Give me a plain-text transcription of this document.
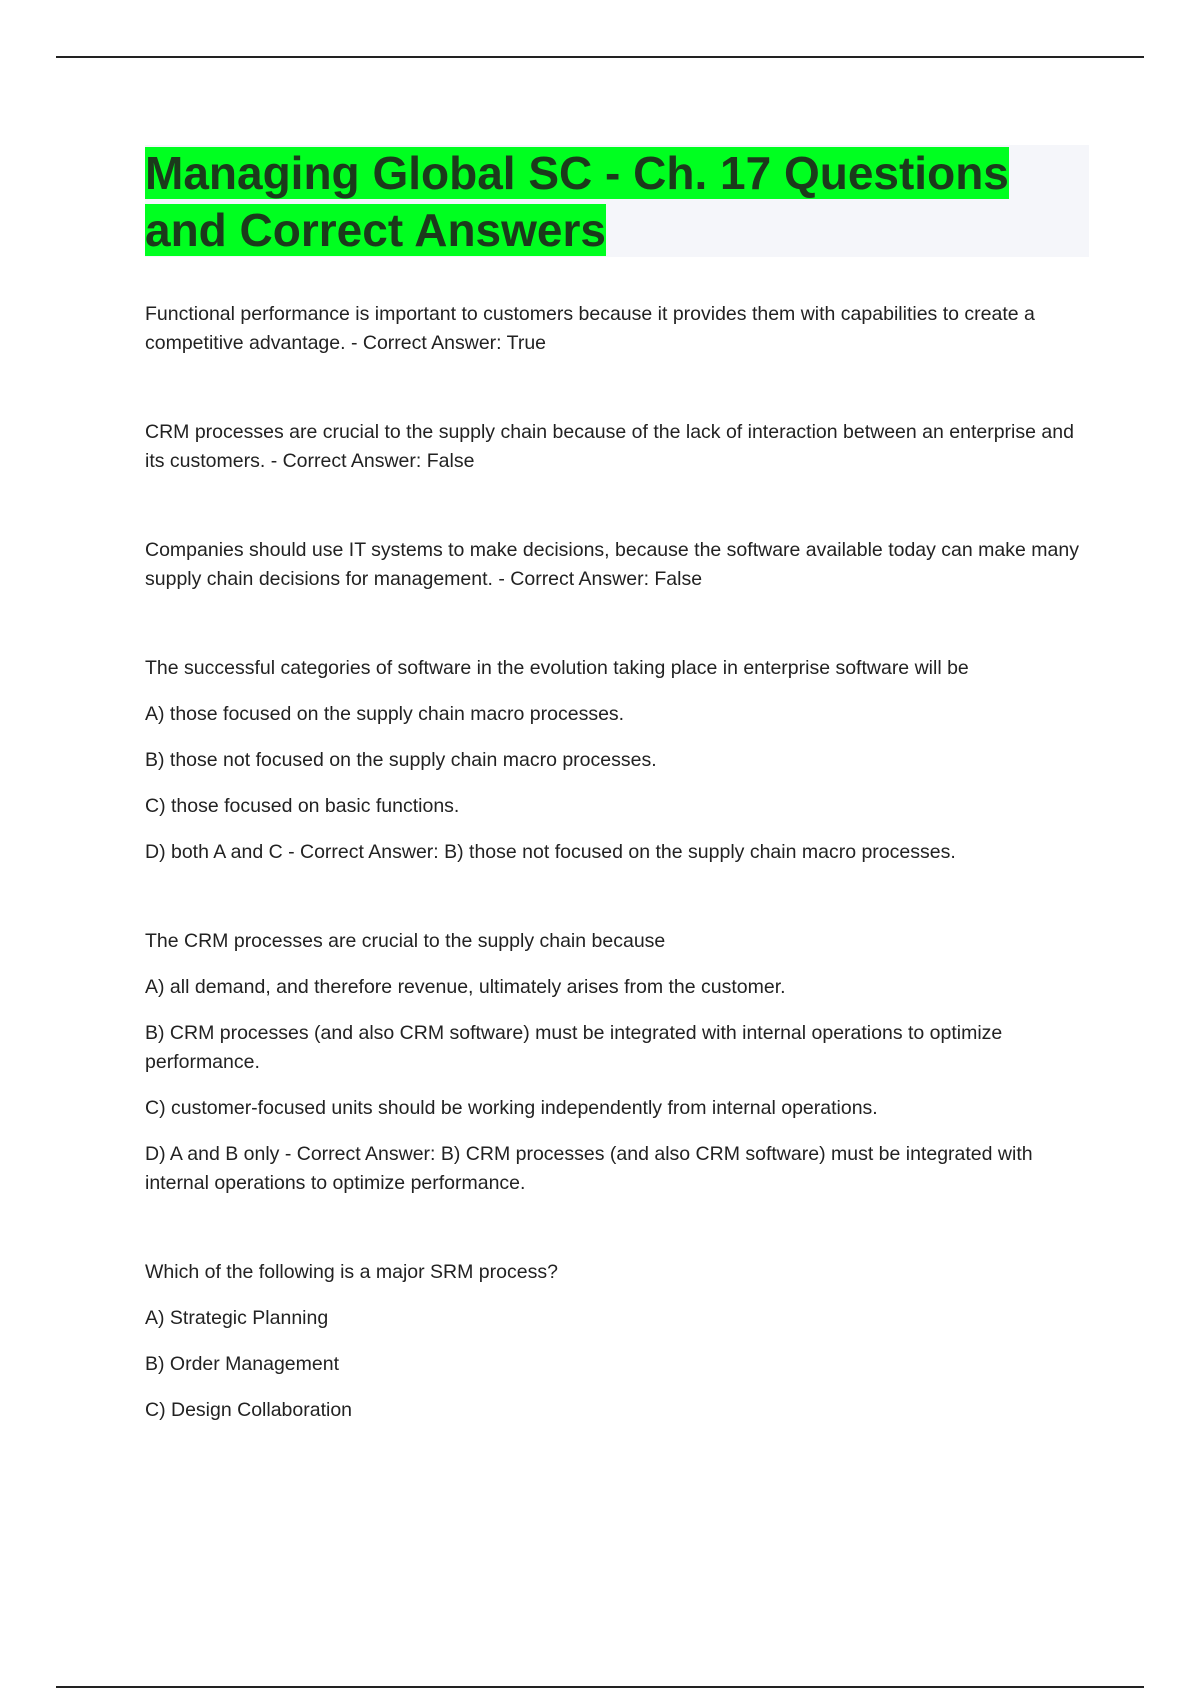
Managing Global SC - Ch. 17 Questions and Correct Answers

Functional performance is important to customers because it provides them with capabilities to create a competitive advantage. - Correct Answer: True

CRM processes are crucial to the supply chain because of the lack of interaction between an enterprise and its customers. - Correct Answer: False

Companies should use IT systems to make decisions, because the software available today can make many supply chain decisions for management. - Correct Answer: False

The successful categories of software in the evolution taking place in enterprise software will be

A) those focused on the supply chain macro processes.

B) those not focused on the supply chain macro processes.

C) those focused on basic functions.

D) both A and C - Correct Answer: B) those not focused on the supply chain macro processes.

The CRM processes are crucial to the supply chain because

A) all demand, and therefore revenue, ultimately arises from the customer.

B) CRM processes (and also CRM software) must be integrated with internal operations to optimize performance.

C) customer-focused units should be working independently from internal operations.

D) A and B only - Correct Answer: B) CRM processes (and also CRM software) must be integrated with internal operations to optimize performance.

Which of the following is a major SRM process?

A) Strategic Planning

B) Order Management

C) Design Collaboration
